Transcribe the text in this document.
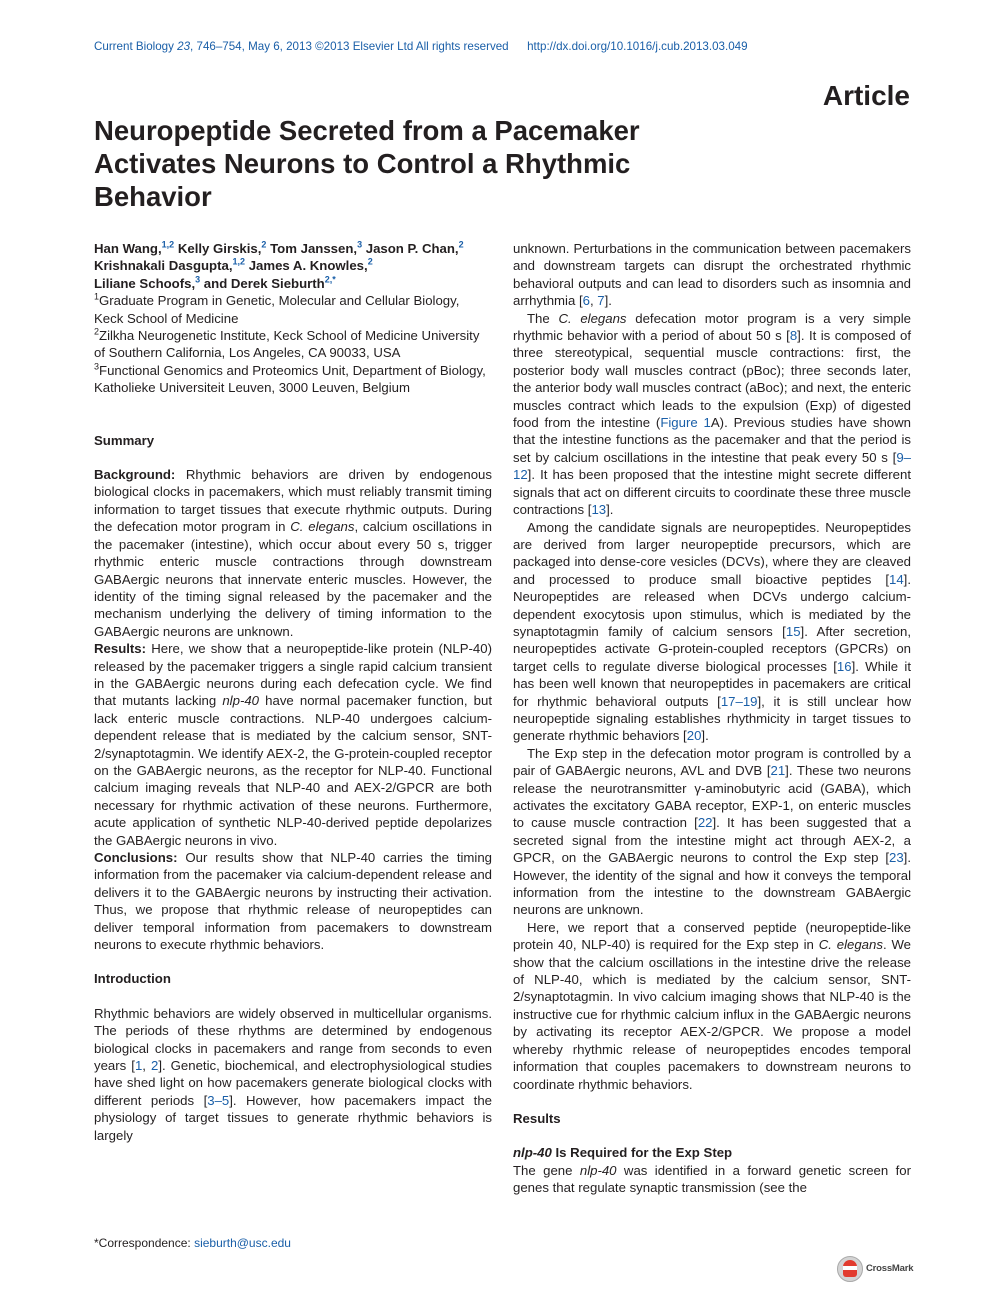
Current Biology 23, 746–754, May 6, 2013 ©2013 Elsevier Ltd All rights reserved http://dx.doi.org/10.1016/j.cub.2013.03.049
Article
Neuropeptide Secreted from a Pacemaker Activates Neurons to Control a Rhythmic Behavior

Han Wang,$^{1,2}$ Kelly Girskis,$^2$ Tom Janssen,$^3$ Jason P. Chan,$^2$
Krishnakali Dasgupta,$^{1,2}$ James A. Knowles,$^2$
Liliane Schoofs,$^3$ and Derek Sieburth$^{2,*}$

$^1$Graduate Program in Genetic, Molecular and Cellular Biology, Keck School of Medicine

$^2$Zilkha Neurogenetic Institute, Keck School of Medicine University of Southern California, Los Angeles, CA 90033, USA

$^3$Functional Genomics and Proteomics Unit, Department of Biology, Katholieke Universiteit Leuven, 3000 Leuven, Belgium

Summary

Background: Rhythmic behaviors are driven by endogenous biological clocks in pacemakers, which must reliably transmit timing information to target tissues that execute rhythmic outputs. During the defecation motor program in C. elegans, calcium oscillations in the pacemaker (intestine), which occur about every 50 s, trigger rhythmic enteric muscle contractions through downstream GABAergic neurons that innervate enteric muscles. However, the identity of the timing signal released by the pacemaker and the mechanism underlying the delivery of timing information to the GABAergic neurons are unknown.

Results: Here, we show that a neuropeptide-like protein (NLP-40) released by the pacemaker triggers a single rapid calcium transient in the GABAergic neurons during each defecation cycle. We find that mutants lacking nlp-40 have normal pacemaker function, but lack enteric muscle contractions. NLP-40 undergoes calcium-dependent release that is mediated by the calcium sensor, SNT-2/synaptotagmin. We identify AEX-2, the G-protein-coupled receptor on the GABAergic neurons, as the receptor for NLP-40. Functional calcium imaging reveals that NLP-40 and AEX-2/GPCR are both necessary for rhythmic activation of these neurons. Furthermore, acute application of synthetic NLP-40-derived peptide depolarizes the GABAergic neurons in vivo.

Conclusions: Our results show that NLP-40 carries the timing information from the pacemaker via calcium-dependent release and delivers it to the GABAergic neurons by instructing their activation. Thus, we propose that rhythmic release of neuropeptides can deliver temporal information from pacemakers to downstream neurons to execute rhythmic behaviors.

Introduction

Rhythmic behaviors are widely observed in multicellular organisms. The periods of these rhythms are determined by endogenous biological clocks in pacemakers and range from seconds to even years [1, 2]. Genetic, biochemical, and electrophysiological studies have shed light on how pacemakers generate biological clocks with different periods [3–5]. However, how pacemakers impact the physiology of target tissues to generate rhythmic behaviors is largely

unknown. Perturbations in the communication between pacemakers and downstream targets can disrupt the orchestrated rhythmic behavioral outputs and can lead to disorders such as insomnia and arrhythmia [6, 7].

The C. elegans defecation motor program is a very simple rhythmic behavior with a period of about 50 s [8]. It is composed of three stereotypical, sequential muscle contractions: first, the posterior body wall muscles contract (pBoc); three seconds later, the anterior body wall muscles contract (aBoc); and next, the enteric muscles contract which leads to the expulsion (Exp) of digested food from the intestine (Figure 1A). Previous studies have shown that the intestine functions as the pacemaker and that the period is set by calcium oscillations in the intestine that peak every 50 s [9–12]. It has been proposed that the intestine might secrete different signals that act on different circuits to coordinate these three muscle contractions [13].

Among the candidate signals are neuropeptides. Neuropeptides are derived from larger neuropeptide precursors, which are packaged into dense-core vesicles (DCVs), where they are cleaved and processed to produce small bioactive peptides [14]. Neuropeptides are released when DCVs undergo calcium-dependent exocytosis upon stimulus, which is mediated by the synaptotagmin family of calcium sensors [15]. After secretion, neuropeptides activate G-protein-coupled receptors (GPCRs) on target cells to regulate diverse biological processes [16]. While it has been well known that neuropeptides in pacemakers are critical for rhythmic behavioral outputs [17–19], it is still unclear how neuropeptide signaling establishes rhythmicity in target tissues to generate rhythmic behaviors [20].

The Exp step in the defecation motor program is controlled by a pair of GABAergic neurons, AVL and DVB [21]. These two neurons release the neurotransmitter γ-aminobutyric acid (GABA), which activates the excitatory GABA receptor, EXP-1, on enteric muscles to cause muscle contraction [22]. It has been suggested that a secreted signal from the intestine might act through AEX-2, a GPCR, on the GABAergic neurons to control the Exp step [23]. However, the identity of the signal and how it conveys the temporal information from the intestine to the downstream GABAergic neurons are unknown.

Here, we report that a conserved peptide (neuropeptide-like protein 40, NLP-40) is required for the Exp step in C. elegans. We show that the calcium oscillations in the intestine drive the release of NLP-40, which is mediated by the calcium sensor, SNT-2/synaptotagmin. In vivo calcium imaging shows that NLP-40 is the instructive cue for rhythmic calcium influx in the GABAergic neurons by activating its receptor AEX-2/GPCR. We propose a model whereby rhythmic release of neuropeptides encodes temporal information that couples pacemakers to downstream neurons to coordinate rhythmic behaviors.

Results

nlp-40 Is Required for the Exp Step

The gene nlp-40 was identified in a forward genetic screen for genes that regulate synaptic transmission (see the

*Correspondence: sieburth@usc.edu
CrossMark
